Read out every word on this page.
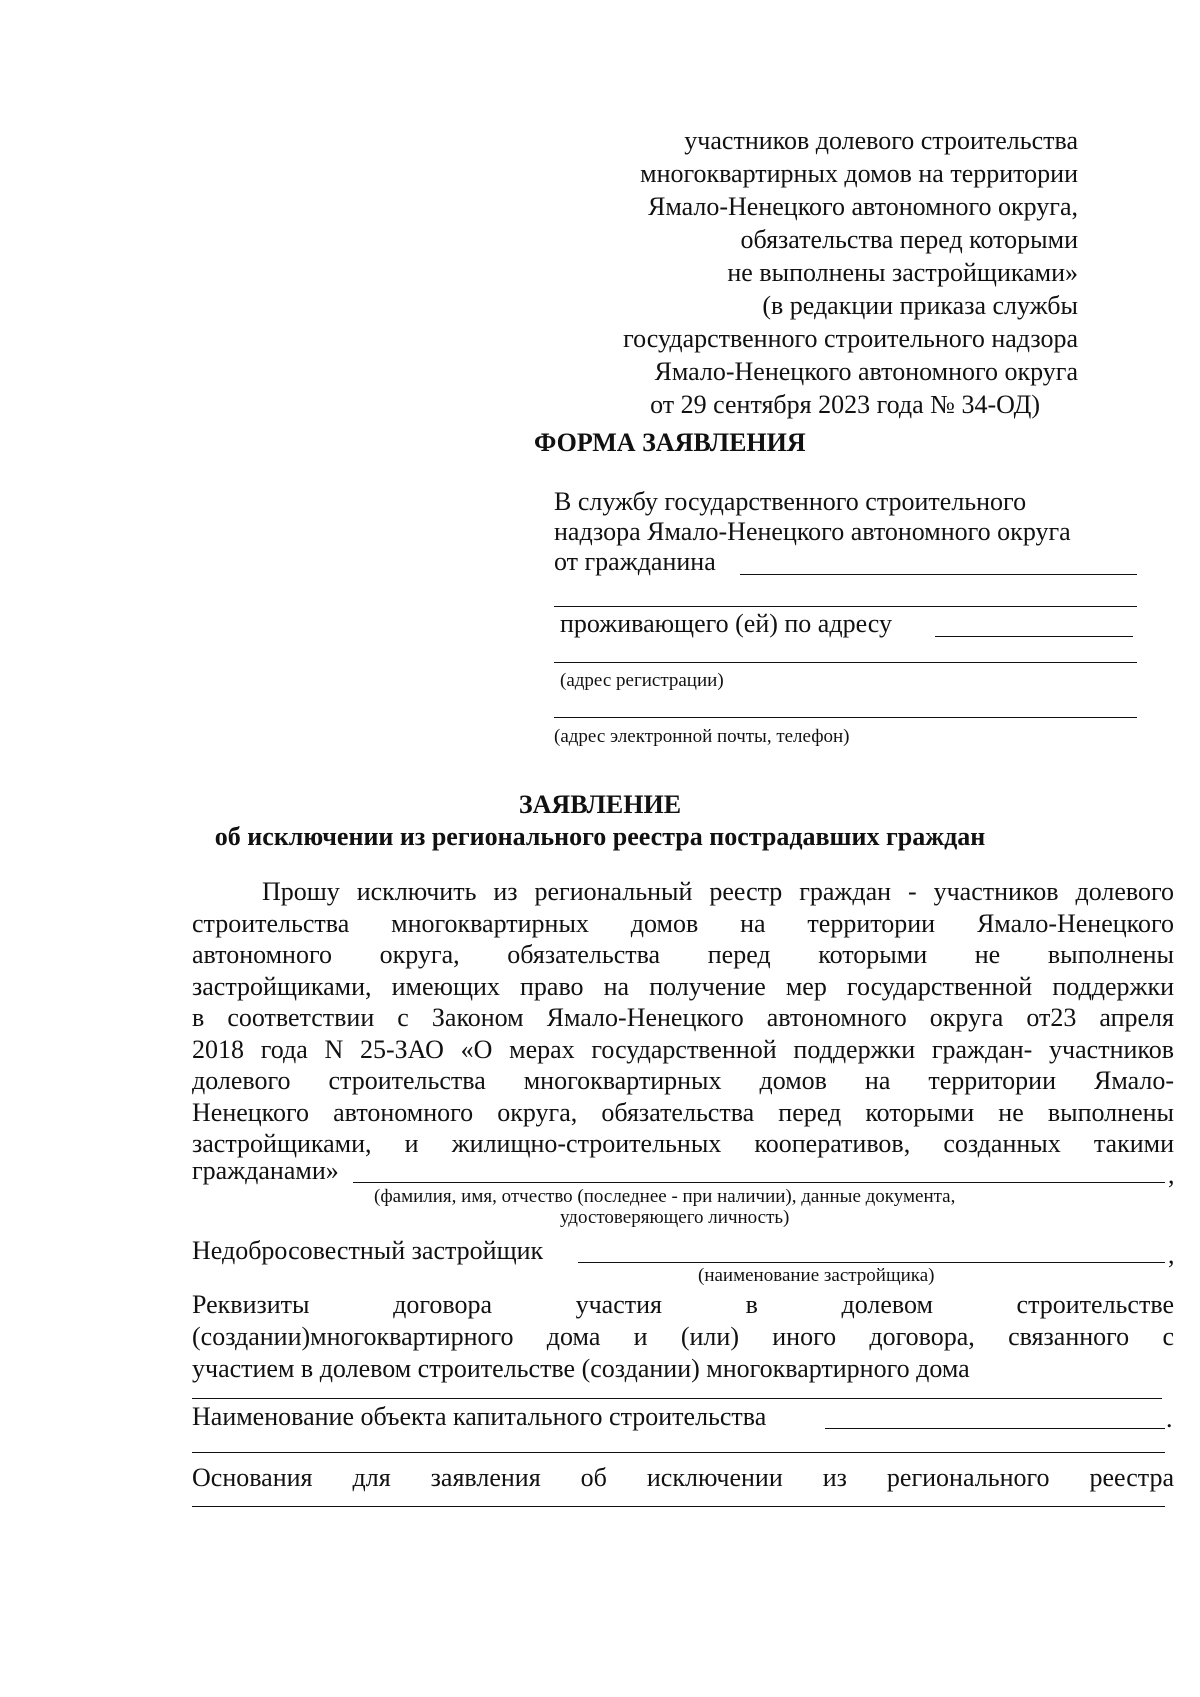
участников долевого строительства
многоквартирных домов на территории
Ямало-Ненецкого автономного округа,
обязательства перед которыми
не выполнены застройщиками»
(в редакции приказа службы
государственного строительного надзора
Ямало-Ненецкого автономного округа
от 29 сентября 2023 года № 34-ОД)
ФОРМА ЗАЯВЛЕНИЯ
В службу государственного строительного
надзора Ямало-Ненецкого автономного округа
от гражданина
проживающего (ей) по адресу
(адрес регистрации)
(адрес электронной почты, телефон)
ЗАЯВЛЕНИЕ
об исключении из регионального реестра пострадавших граждан
Прошу исключить из региональный реестр граждан - участников долевого
строительства многоквартирных домов на территории Ямало-Ненецкого
автономного округа, обязательства перед которыми не выполнены
застройщиками, имеющих право на получение мер государственной поддержки
в соответствии с Законом Ямало-Ненецкого автономного округа от23 апреля
2018 года N 25-ЗАО «О мерах государственной поддержки граждан- участников
долевого строительства многоквартирных домов на территории Ямало-
Ненецкого автономного округа, обязательства перед которыми не выполнены
застройщиками, и жилищно-строительных кооперативов, созданных такими
гражданами»	,
(фамилия, имя, отчество (последнее - при наличии), данные документа,
удостоверяющего личность)
Недобросовестный застройщик	,
(наименование застройщика)
Реквизиты договора участия в долевом строительстве
(создании)многоквартирного дома и (или) иного договора, связанного с
участием в долевом строительстве (создании) многоквартирного дома
Наименование объекта капитального строительства	.
Основания для заявления об исключении из регионального реестра
